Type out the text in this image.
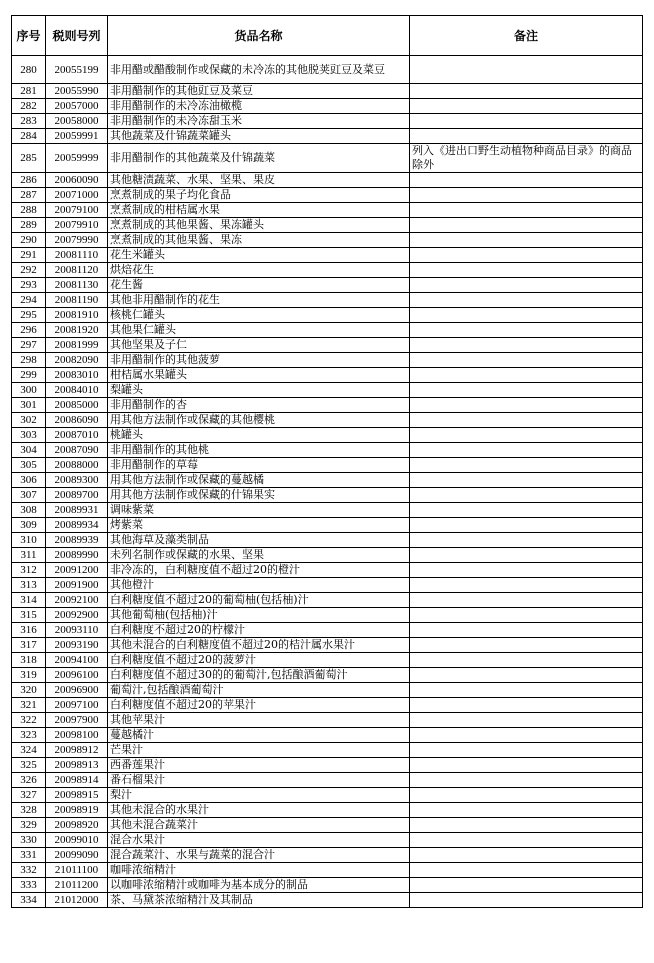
序号	税则号列	货品名称	备注
280	20055199	非用醋或醋酸制作或保藏的未冷冻的其他脱荚豇豆及菜豆	
281	20055990	非用醋制作的其他豇豆及菜豆	
282	20057000	非用醋制作的未冷冻油橄榄	
283	20058000	非用醋制作的未冷冻甜玉米	
284	20059991	其他蔬菜及什锦蔬菜罐头	
285	20059999	非用醋制作的其他蔬菜及什锦蔬菜	列入《进出口野生动植物种商品目录》的商品除外
286	20060090	其他糖渍蔬菜、水果、坚果、果皮	
287	20071000	烹煮制成的果子均化食品	
288	20079100	烹煮制成的柑桔属水果	
289	20079910	烹煮制成的其他果酱、果冻罐头	
290	20079990	烹煮制成的其他果酱、果冻	
291	20081110	花生米罐头	
292	20081120	烘焙花生	
293	20081130	花生酱	
294	20081190	其他非用醋制作的花生	
295	20081910	核桃仁罐头	
296	20081920	其他果仁罐头	
297	20081999	其他坚果及子仁	
298	20082090	非用醋制作的其他菠萝	
299	20083010	柑桔属水果罐头	
300	20084010	梨罐头	
301	20085000	非用醋制作的杏	
302	20086090	用其他方法制作或保藏的其他樱桃	
303	20087010	桃罐头	
304	20087090	非用醋制作的其他桃	
305	20088000	非用醋制作的草莓	
306	20089300	用其他方法制作或保藏的蔓越橘	
307	20089700	用其他方法制作或保藏的什锦果实	
308	20089931	调味紫菜	
309	20089934	烤紫菜	
310	20089939	其他海草及藻类制品	
311	20089990	未列名制作或保藏的水果、坚果	
312	20091200	非冷冻的，白利糖度值不超过20的橙汁	
313	20091900	其他橙汁	
314	20092100	白利糖度值不超过20的葡萄柚(包括柚)汁	
315	20092900	其他葡萄柚(包括柚)汁	
316	20093110	白利糖度不超过20的柠檬汁	
317	20093190	其他未混合的白利糖度值不超过20的桔汁属水果汁	
318	20094100	白利糖度值不超过20的菠萝汁	
319	20096100	白利糖度值不超过30的的葡萄汁,包括酿酒葡萄汁	
320	20096900	葡萄汁,包括酿酒葡萄汁	
321	20097100	白利糖度值不超过20的苹果汁	
322	20097900	其他苹果汁	
323	20098100	蔓越橘汁	
324	20098912	芒果汁	
325	20098913	西番莲果汁	
326	20098914	番石榴果汁	
327	20098915	梨汁	
328	20098919	其他未混合的水果汁	
329	20098920	其他未混合蔬菜汁	
330	20099010	混合水果汁	
331	20099090	混合蔬菜汁、水果与蔬菜的混合汁	
332	21011100	咖啡浓缩精汁	
333	21011200	以咖啡浓缩精汁或咖啡为基本成分的制品	
334	21012000	茶、马黛茶浓缩精汁及其制品	
